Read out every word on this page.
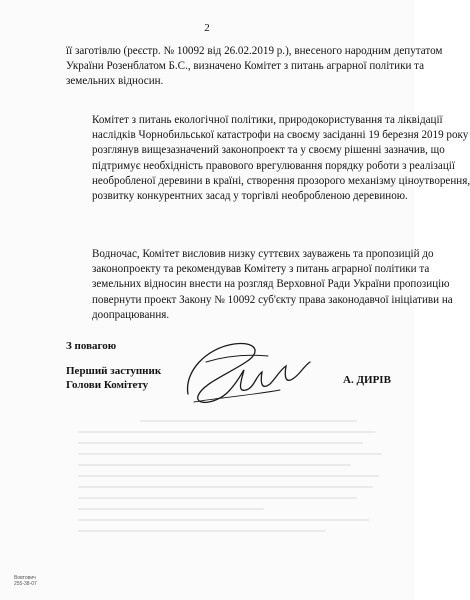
2
її заготівлю (реєстр. № 10092 від 26.02.2019 р.), внесеного народним депутатом
України Розенблатом Б.С., визначено Комітет з питань аграрної політики та
земельних відносин.
Комітет з питань екологічної політики, природокористування та ліквідації
наслідків Чорнобильської катастрофи на своєму засіданні 19 березня 2019 року
розглянув вищезазначений законопроект та у своєму рішенні зазначив, що
підтримує необхідність правового врегулювання порядку роботи з реалізації
необробленої деревини в країні, створення прозорого механізму ціноутворення,
розвитку конкурентних засад у торгівлі необробленою деревиною.
Водночас, Комітет висловив низку суттєвих зауважень та пропозицій до
законопроекту та рекомендував Комітету з питань аграрної політики та
земельних відносин внести на розгляд Верховної Ради України пропозицію
повернути проект Закону № 10092 суб'єкту права законодавчої ініціативи на
доопрацювання.
З повагою
Перший заступник
Голови Комітету	А. ДИРІВ
Вовтович
255-38-07
